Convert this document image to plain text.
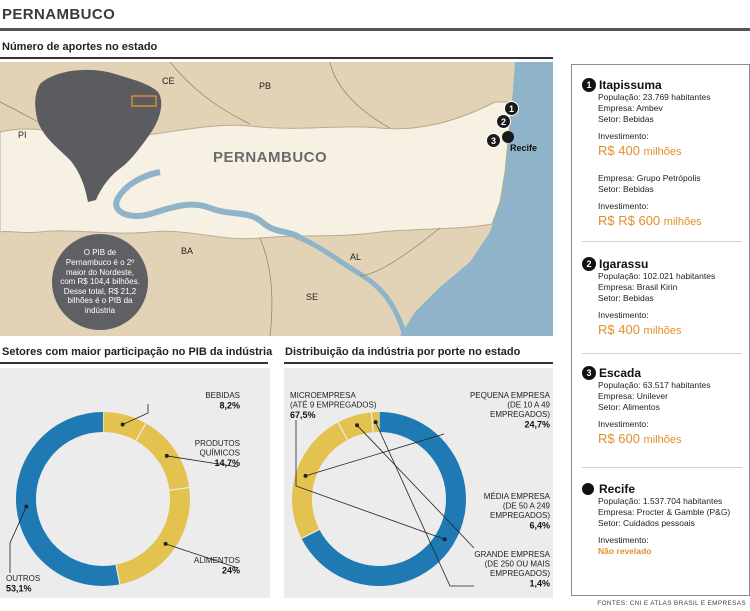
PERNAMBUCO
Número de aportes no estado
CE	PB
PI
BA
AL
SE
PERNAMBUCO
2
1
3
Recife
O PIB de Pernambuco é o 2º maior do Nordeste, com R$ 104,4 bilhões. Desse total, R$ 21,2 bilhões é o PIB da indústria
1 Itapissuma
População: 23.769 habitantes
Empresa: Ambev
Setor: Bebidas
Investimento:
R$ 400 milhões
Empresa: Grupo Petrópolis
Setor: Bebidas
Investimento:
R$ R$ 600 milhões
2 Igarassu
População: 102.021 habitantes
Empresa: Brasil Kirin
Setor: Bebidas
Investimento:
R$ 400 milhões
3 Escada
População: 63.517 habitantes
Empresa: Unilever
Setor: Alimentos
Investimento:
R$ 600 milhões
Recife
População: 1.537.704 habitantes
Empresa: Procter & Gamble (P&G)
Setor: Cuidados pessoais
Investimento:
Não revelado
Setores com maior participação no PIB da indústria Distribuição da indústria por porte no estado
BEBIDAS
8,2%
PRODUTOS
QUÍMICOS
14,7%
ALIMENTOS
24%
OUTROS
53,1%
MICROEMPRESA
(ATÉ 9 EMPREGADOS)
67,5%
PEQUENA EMPRESA
(DE 10 A 49
EMPREGADOS)
24,7%
MÉDIA EMPRESA
(DE 50 A 249
EMPREGADOS)
6,4%
GRANDE EMPRESA
(DE 250 OU MAIS
EMPREGADOS)
1,4%
FONTES: CNI E ATLAS BRASIL E EMPRESAS
